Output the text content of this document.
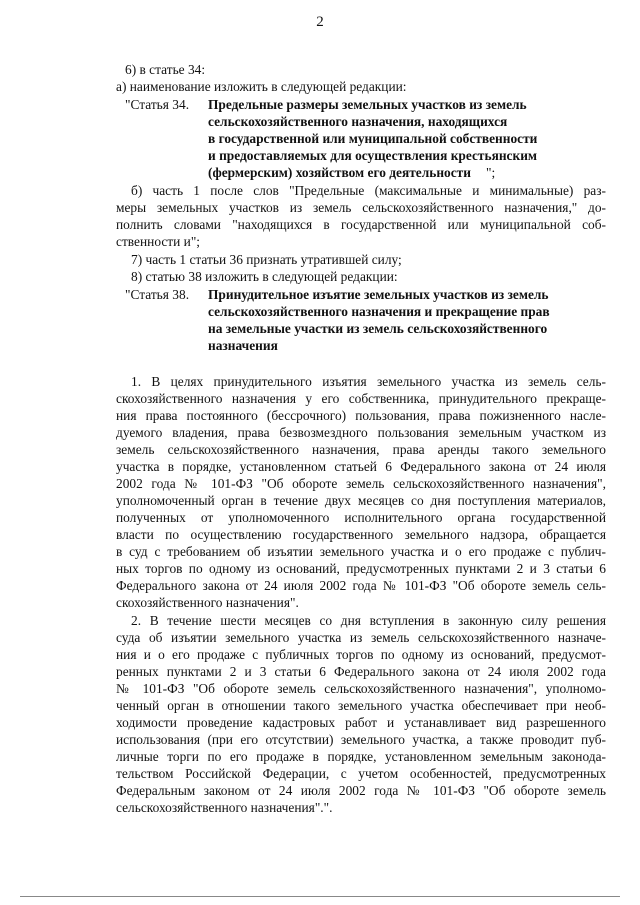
2
6) в статье 34:
а) наименование изложить в следующей редакции:
"Статья 34. Предельные размеры земельных участков из земель
сельскохозяйственного назначения, находящихся
в государственной или муниципальной собственности
и предоставляемых для осуществления крестьянским
(фермерским) хозяйством его деятельности ";
б) часть 1 после слов "Предельные (максимальные и минимальные) раз-
меры земельных участков из земель сельскохозяйственного назначения," до-
полнить словами "находящихся в государственной или муниципальной соб-
ственности и";
7) часть 1 статьи 36 признать утратившей силу;
8) статью 38 изложить в следующей редакции:
"Статья 38. Принудительное изъятие земельных участков из земель
сельскохозяйственного назначения и прекращение прав
на земельные участки из земель сельскохозяйственного
назначения
1. В целях принудительного изъятия земельного участка из земель сель-
скохозяйственного назначения у его собственника, принудительного прекраще-
ния права постоянного (бессрочного) пользования, права пожизненного насле-
дуемого владения, права безвозмездного пользования земельным участком из
земель сельскохозяйственного назначения, права аренды такого земельного
участка в порядке, установленном статьей 6 Федерального закона от 24 июля
2002 года № 101-ФЗ "Об обороте земель сельскохозяйственного назначения",
уполномоченный орган в течение двух месяцев со дня поступления материалов,
полученных от уполномоченного исполнительного органа государственной
власти по осуществлению государственного земельного надзора, обращается
в суд с требованием об изъятии земельного участка и о его продаже с публич-
ных торгов по одному из оснований, предусмотренных пунктами 2 и 3 статьи 6
Федерального закона от 24 июля 2002 года № 101-ФЗ "Об обороте земель сель-
скохозяйственного назначения".
2. В течение шести месяцев со дня вступления в законную силу решения
суда об изъятии земельного участка из земель сельскохозяйственного назначе-
ния и о его продаже с публичных торгов по одному из оснований, предусмот-
ренных пунктами 2 и 3 статьи 6 Федерального закона от 24 июля 2002 года
№ 101-ФЗ "Об обороте земель сельскохозяйственного назначения", уполномо-
ченный орган в отношении такого земельного участка обеспечивает при необ-
ходимости проведение кадастровых работ и устанавливает вид разрешенного
использования (при его отсутствии) земельного участка, а также проводит пуб-
личные торги по его продаже в порядке, установленном земельным законода-
тельством Российской Федерации, с учетом особенностей, предусмотренных
Федеральным законом от 24 июля 2002 года № 101-ФЗ "Об обороте земель
сельскохозяйственного назначения".".
